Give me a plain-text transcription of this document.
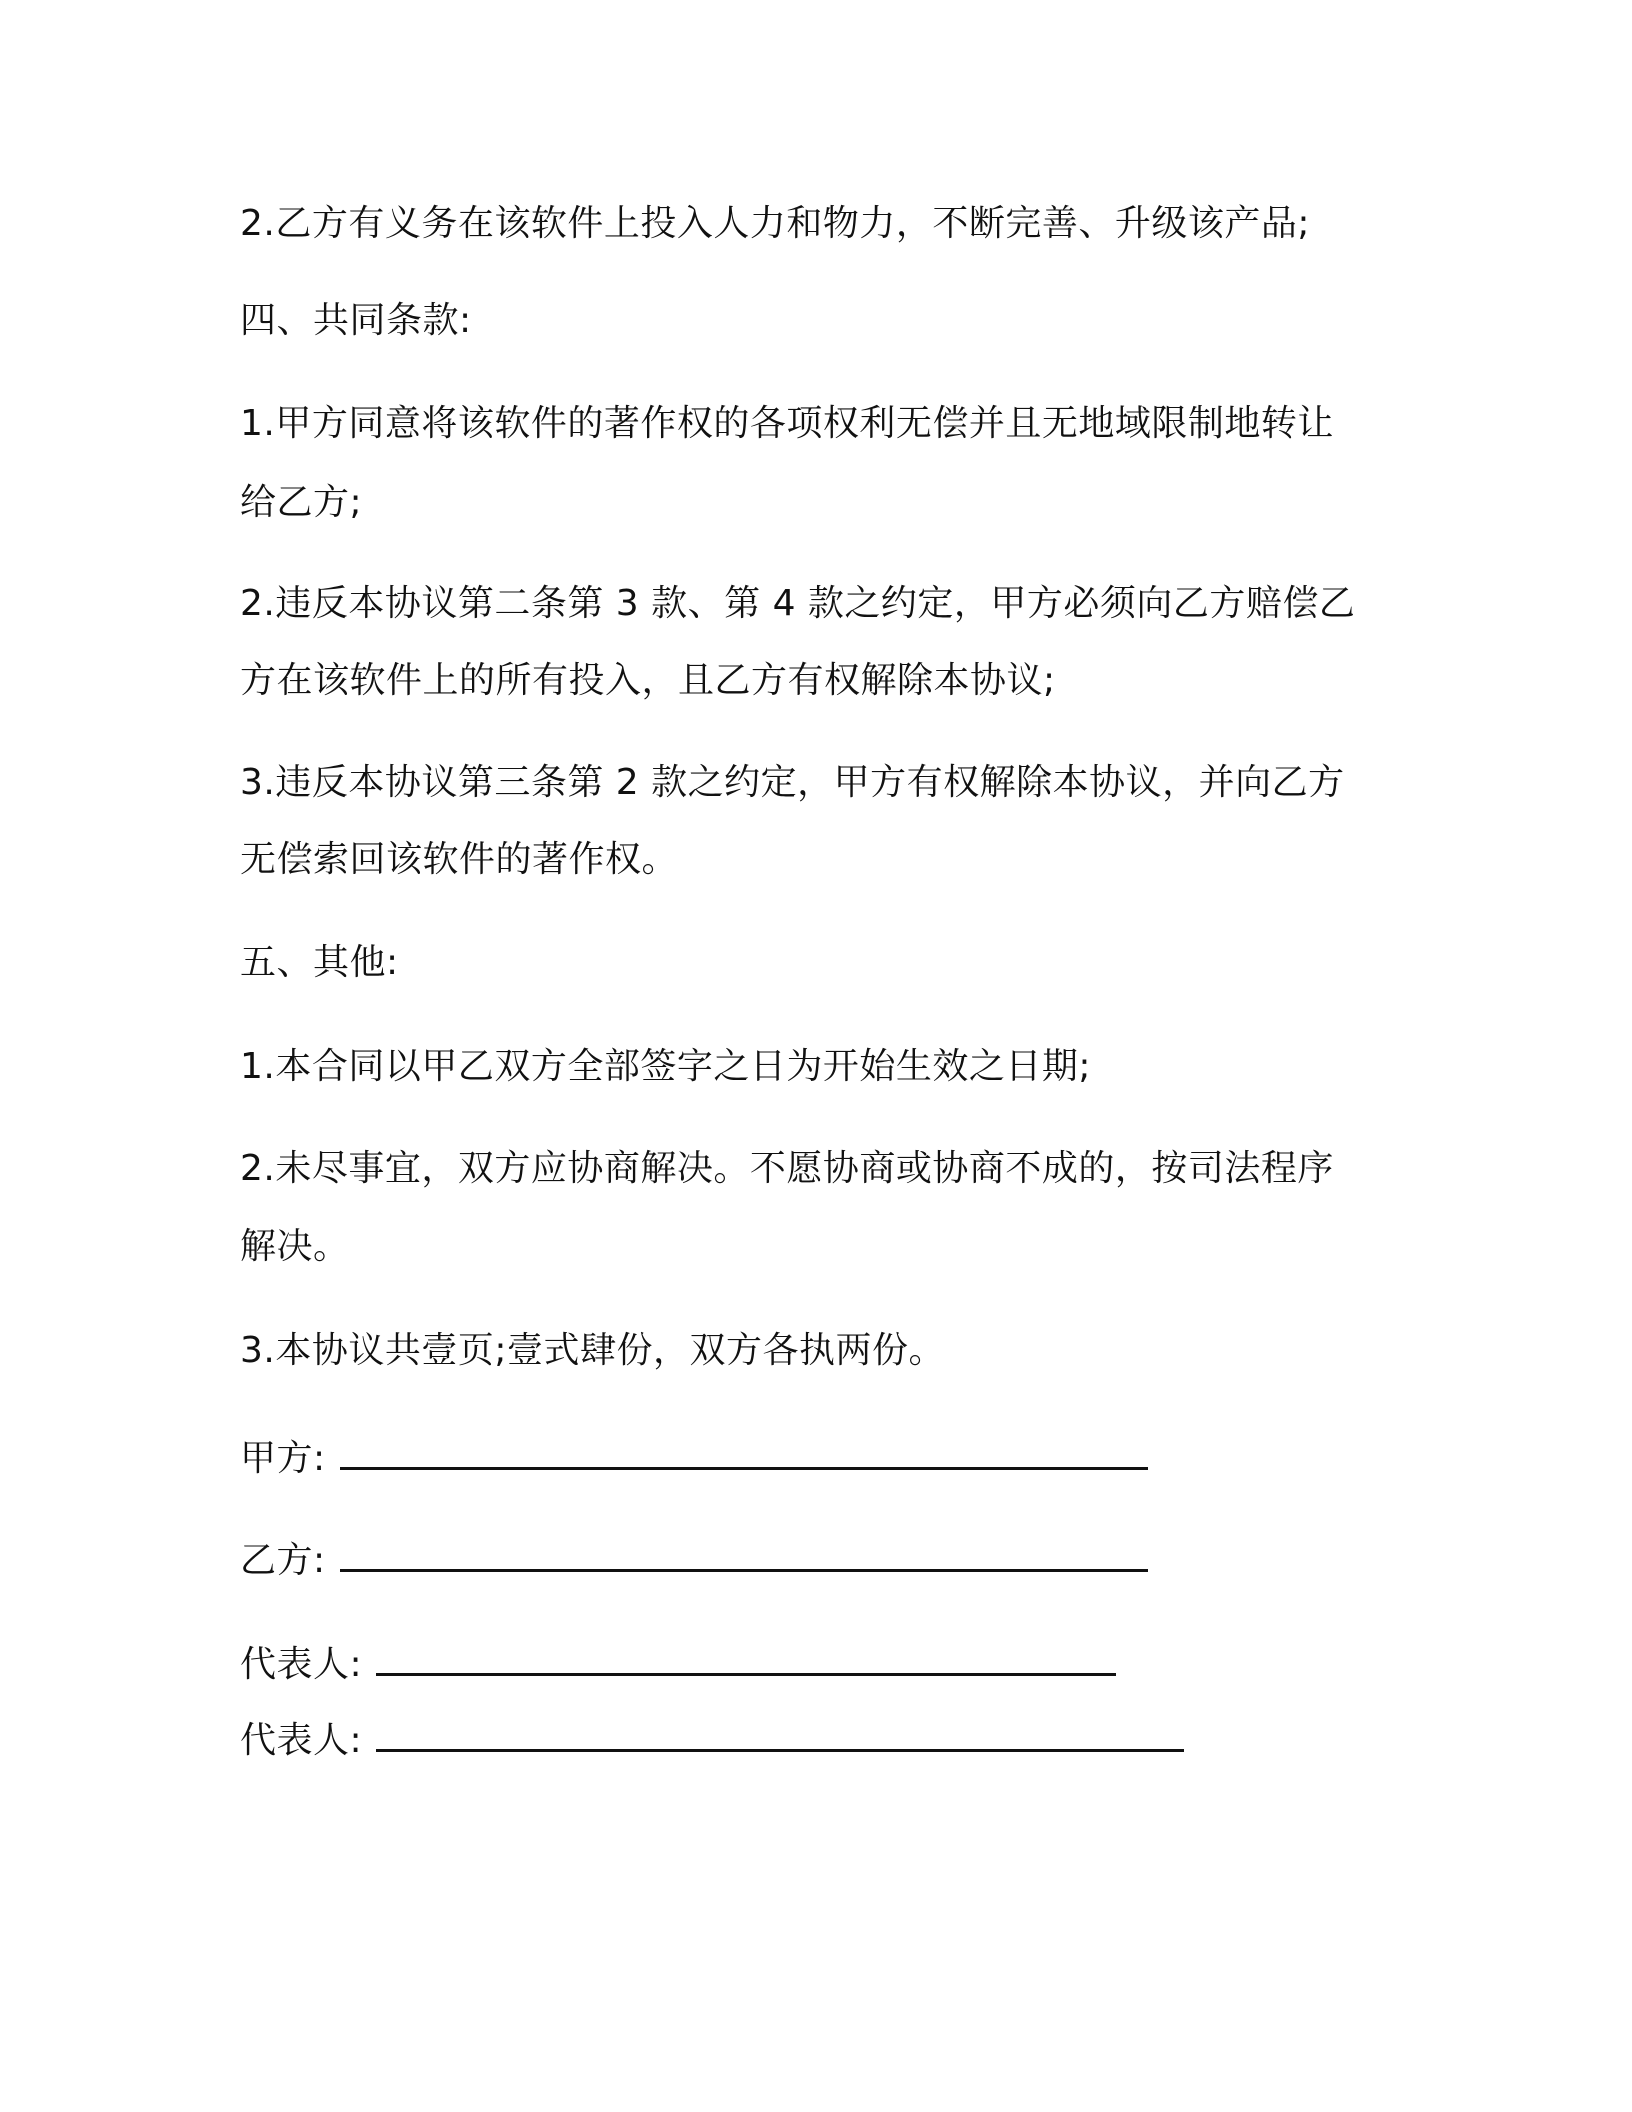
2.乙方有义务在该软件上投入人力和物力，不断完善、升级该产品;
四、共同条款:
1.甲方同意将该软件的著作权的各项权利无偿并且无地域限制地转让
给乙方;
2.违反本协议第二条第 3 款、第 4 款之约定，甲方必须向乙方赔偿乙
方在该软件上的所有投入，且乙方有权解除本协议;
3.违反本协议第三条第 2 款之约定，甲方有权解除本协议，并向乙方
无偿索回该软件的著作权。
五、其他:
1.本合同以甲乙双方全部签字之日为开始生效之日期;
2.未尽事宜，双方应协商解决。不愿协商或协商不成的，按司法程序
解决。
3.本协议共壹页;壹式肆份，双方各执两份。
甲方:
乙方:
代表人:
代表人:
